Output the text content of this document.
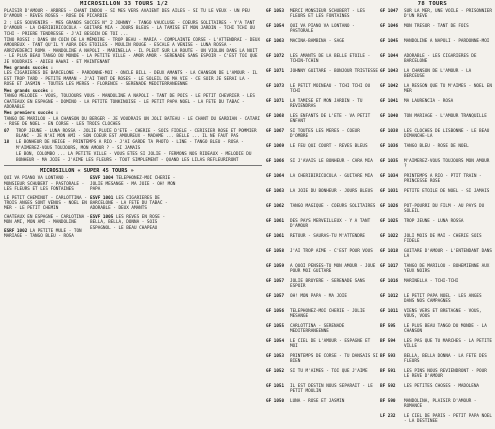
MICROSILLON 33 TOURS 1/2

PLAISIR D'AMOUR - ARBRES - CHANT INDOU - SI MES VERS AVAIENT DES AILES - SI TU LE VEUX - UN PEU D'AMOUR - REVES ROSES - ROSE DE PICARDIE

2 : LES SOUVENIRS - MES GRANDS SUCCES N° 2 JOHNNY - TANGO VAUCLUSE - COEURS SOLITAIRES - Y'A TANT D'AMOUR - LA CHERIBIRICOCOLA - GUITARE MIA - JOURS BLEUS - LA TAMISE ET MON JARDIN - TCHI TCHI OU TCHI - PRIERE TENDRESSE - J'AI BESOIN DE TOI ...

TINO ROSSI : DANS UN COIN DE LA MÉMOIRE - TROP BEAU - MARIA - COMPLAINTE CORSE - L'ATTENDRAI - DEUX AMOUREUX - TANT QU'IL Y AURA DES ETOILES - MOULIN ROUGE - ESCALE A VENISE - LUNA ROSSA - ARRIVEDERCI ROMA - MANDOLINE A NAPOLI - MARINELLA - IL PLEUT SUR LA ROUTE - UN VIOLON DANS LA NUIT - LE PLUS BEAU TANGO DU MONDE - LA PETITE VILLE - AMOR AMOR - SERENADE SANS ESPOIR - C'EST TOI QUE JE VOUDRAIS - ADIEU HAWAI - ET MAINTENANT

Mes grands succès :

LES CIGARIERES DE BARCELONE - PARDONNE-MOI - ONCLE BILL - DEUX AMANTS - LA CHANSON DE L'AMOUR - IL EST TROP TARD - PETITE MAMAN - J'AI TANT DE ROSES - LE SOLEIL DE MA VIE - CE SOIR JE SERAI LA - ROSE ET JASMIN - TOUTES LES MERES - FLORENCE - SERENADE MEDITERRANEENNE

Mes grands succès :

TANGO MELODIE - VOUS, TOUJOURS VOUS - MANDOLINE A NAPOLI - TANT DE POIS - LE PETIT CHEVRIER - LES CHATEAUX EN ESPAGNE - DOMINO - LA PETITE TONKINOISE - LE PETIT PAPA NOEL - LA FETE DU TABAC - ADORABLE

Mes premiers succès :

TANGO DE MARILOU - LA CHANSON DU BERGER - JE VOUDRAIS UN JOLI BATEAU - LE CHANT DU GARDIAN - CATARI - ROSE DE NOEL - EN CORSE - LES TROIS CLOCHES

07	TROP JEUNE - LUNA ROSSA - JOLIE PLUIE D'ETE - CHERIE - SOIS FIDELE - CERISIER ROSE ET POMMIER BLANC - JE N'AI MON AMI - SON COEUR EST AMOUREUX - MADAME ... BELLE ... IL NE FAUT PAS
18	LE BONHEUR DE NEIGE - PRINTEMPS A RIO - J'AI GARDE TA PHOTO - LINE - TANGO BLEU - ROSA - M'AIMEREZ-VOUS TOUJOURS, MON AMOUR ? - SI JAMAIS
LE BON, COLOMBO ... LA PETITE VILLE - VOUS ETES SI JOLIE - FERMONS NOS RIDEAUX - MELODIE DU BONHEUR - MA JOIE - J'AIME LES FLEURS - TOUT SIMPLEMENT - QUAND LES LILAS REFLEURIRONT
MICROSILLON « SUPER 45 TOURS »
QUI VA PIANO VA LONTANO - MONSIEUR SCHUBERT - PASTORALE - LES FLEURS ET LES FONTAINES
LE PETIT CHEMINOT - CARLOTTINA - TROIS ANGES SONT VENUS - NOEL EN MER - LE PETIT CHEMIN
CHATEAUX EN ESPAGNE - CARLOTINA - MON AMI, MON AMI - MANDOLINE
ESRF 1002 LA PETITE MULE - TON MARIAGE - TANGO BLEU - ROSA
ESVF 1004 TELEPHONEZ-MOI CHERIE - JOLIE MESANGE - MA JOIE - OH! MON PAPA
ESVF 1001 LES CIGARIERES DE BARCELONE - LA FETE DU TABAC - ADORABLE - DEUX AMANTS
ESVF 1005 LES REVES EN ROSE - BELLA, BELLA, DONNA - SOIS ESPAGNOL - LE BEAU CHAPEAU
78 TOURS
GF 1053	MERCI MONSIEUR SCHUBERT - LES FLEURS ET LES FONTAINES
GF 1054	QUI VA PIANO VA LONTANO - PASTORALE
GF 1063	MACINA-BAMBINA - SAGE
GF 1072	LES AMANTS DE LA BELLE ETOILE - TCHIN-TCHIN
GF 1071	JOHNNY GUITARE - BONJOUR TRISTESSE
GF 1073	LE PETIT MOINEAU - TCHI TCHI OU TCHI
GF 1071	LA TAMISE ET MON JARDIN - TU REVIENDRAS
GF 1068	LES ENFANTS DE L'ETE - VA PETIT ENFANT
GF 1067	SI TOUTES LES MERES - COEUR D'OMBRE
GF 1069	LE FEU QUI COURT - REVES BLEUS
GF 1066	SI J'AVAIS LE BONHEUR - CARA MIA
GF 1064	LA CHERIBIRICOCOLA - GUITARE MIA
GF 1063	LA JOIE DU BONHEUR - JOURS BLEUS
GF 1062	TANGO MAGIQUE - COEURS SOLITAIRES
GF 1061	DES PAYS MERVEILLEUX - Y A TANT D'AMOUR
GF 1061	RETOUR - SAURAS-TU M'ATTENDRE
GF 1058	J'AI TROP AIME - C'EST POUR VOUS
GF 1059	A QUOI PENSES-TU MON AMOUR - JOUE POUR MOI GUITARE
GF 1057	JOLIE BRUYERE - SERENADE SANS ESPOIR
GF 1057	OH! MON PAPA - MA JOIE
GF 1056	TELEPHONEZ-MOI CHERIE - JOLIE MESANGE
GF 1055	CARLOTTINA - SERENADE MEDITERRANEENNE
GF 1054	LE CIEL DE L'AMOUR - ESPAGNE ET MOI
GF 1053	PRINTEMPS DE CORSE - TU DANSAIS SI BIEN
GF 1052	SI TU M'AIMES - TOI QUE J'AIME
GF 1051	IL EST DESTIN NOUS SEPARAIT - LE PETIT MOULIN
GF 1050	LUNA - ROSE ET JASMIN
GF 1047	SUR LA MER, UNE VOILE - PRISONNIER D'UN REVE
GF 1046	MON TRESOR - TANT DE FOIS
GF 1045	MANDOLINE A NAPOLI - PARDONNE-MOI
GF 1044	ADORABLE - LES CIGARIERES DE BARCELONE
GF 1043	LA CHANSON DE L'AMOUR - LA BERCEUSE
GF 1042	LA RESSON QUE TU M'AIMES - NOEL EN MER
GF 1041	MA LAURENCIA - ROSA
GF 1040	TON MARIAGE - L'AMOUR TRANQUILLE
GF 1038	LES CLOCHES DE LISBONNE - LE BEAU DIMANCHE-LA
GF 1036	TANGO BLEU - ROSE DE NOEL
GF 1035	M'AIMEREZ-VOUS TOUJOURS MON AMOUR ?
GF 1034	PRINTEMPS A RIO - PTIT TRAIN - PRINCESSE ROSE
GF 1031	PETITE ETOILE DE NOEL - SI JAMAIS
GF 1026	POT-POURRI DU FILM - AU PAYS DU SOLEIL
GF 1025	TROP JEUNE - LUNA ROSSA
GF 1022	JOLI MOIS DE MAI - CHERIE SOIS FIDELE
GF 1018	GUITARE D'AMOUR - L'ENTENDANT DANS LA
GF 1017	TANGO DE MARILOU - BOHEMIENNE AUX YEUX NOIRS
GF 1016	MARINELLA - TCHI-TCHI
GF 1012	LE PETIT PAPA NOEL - LES ANGES DANS NOS CAMPAGNES
GF 1011	VIENS VERS ET BRETAGNE - VOUS, VOUS, VOUS
BF 595	LE PLUS BEAU TANGO DU MONDE - LA CHANSON
BF 594	LES PAS QUE TU MARCHES - LA PETITE VILLE
BF 593	BELLA, BELLA DONNA - LA FETE DES FLEURS
BF 591	LES PINS NOUS REVIENDRONT - POUR LE REVE D'AMOUR
BF 592	LES PETITES CHOSES - MADOLENA
BF 590	MANDOLINA, PLAISIR D'AMOUR - ROMANCE
LF 232	LE CIEL DE PARIS - PETIT PAPA NOEL - LA DESTINEE
